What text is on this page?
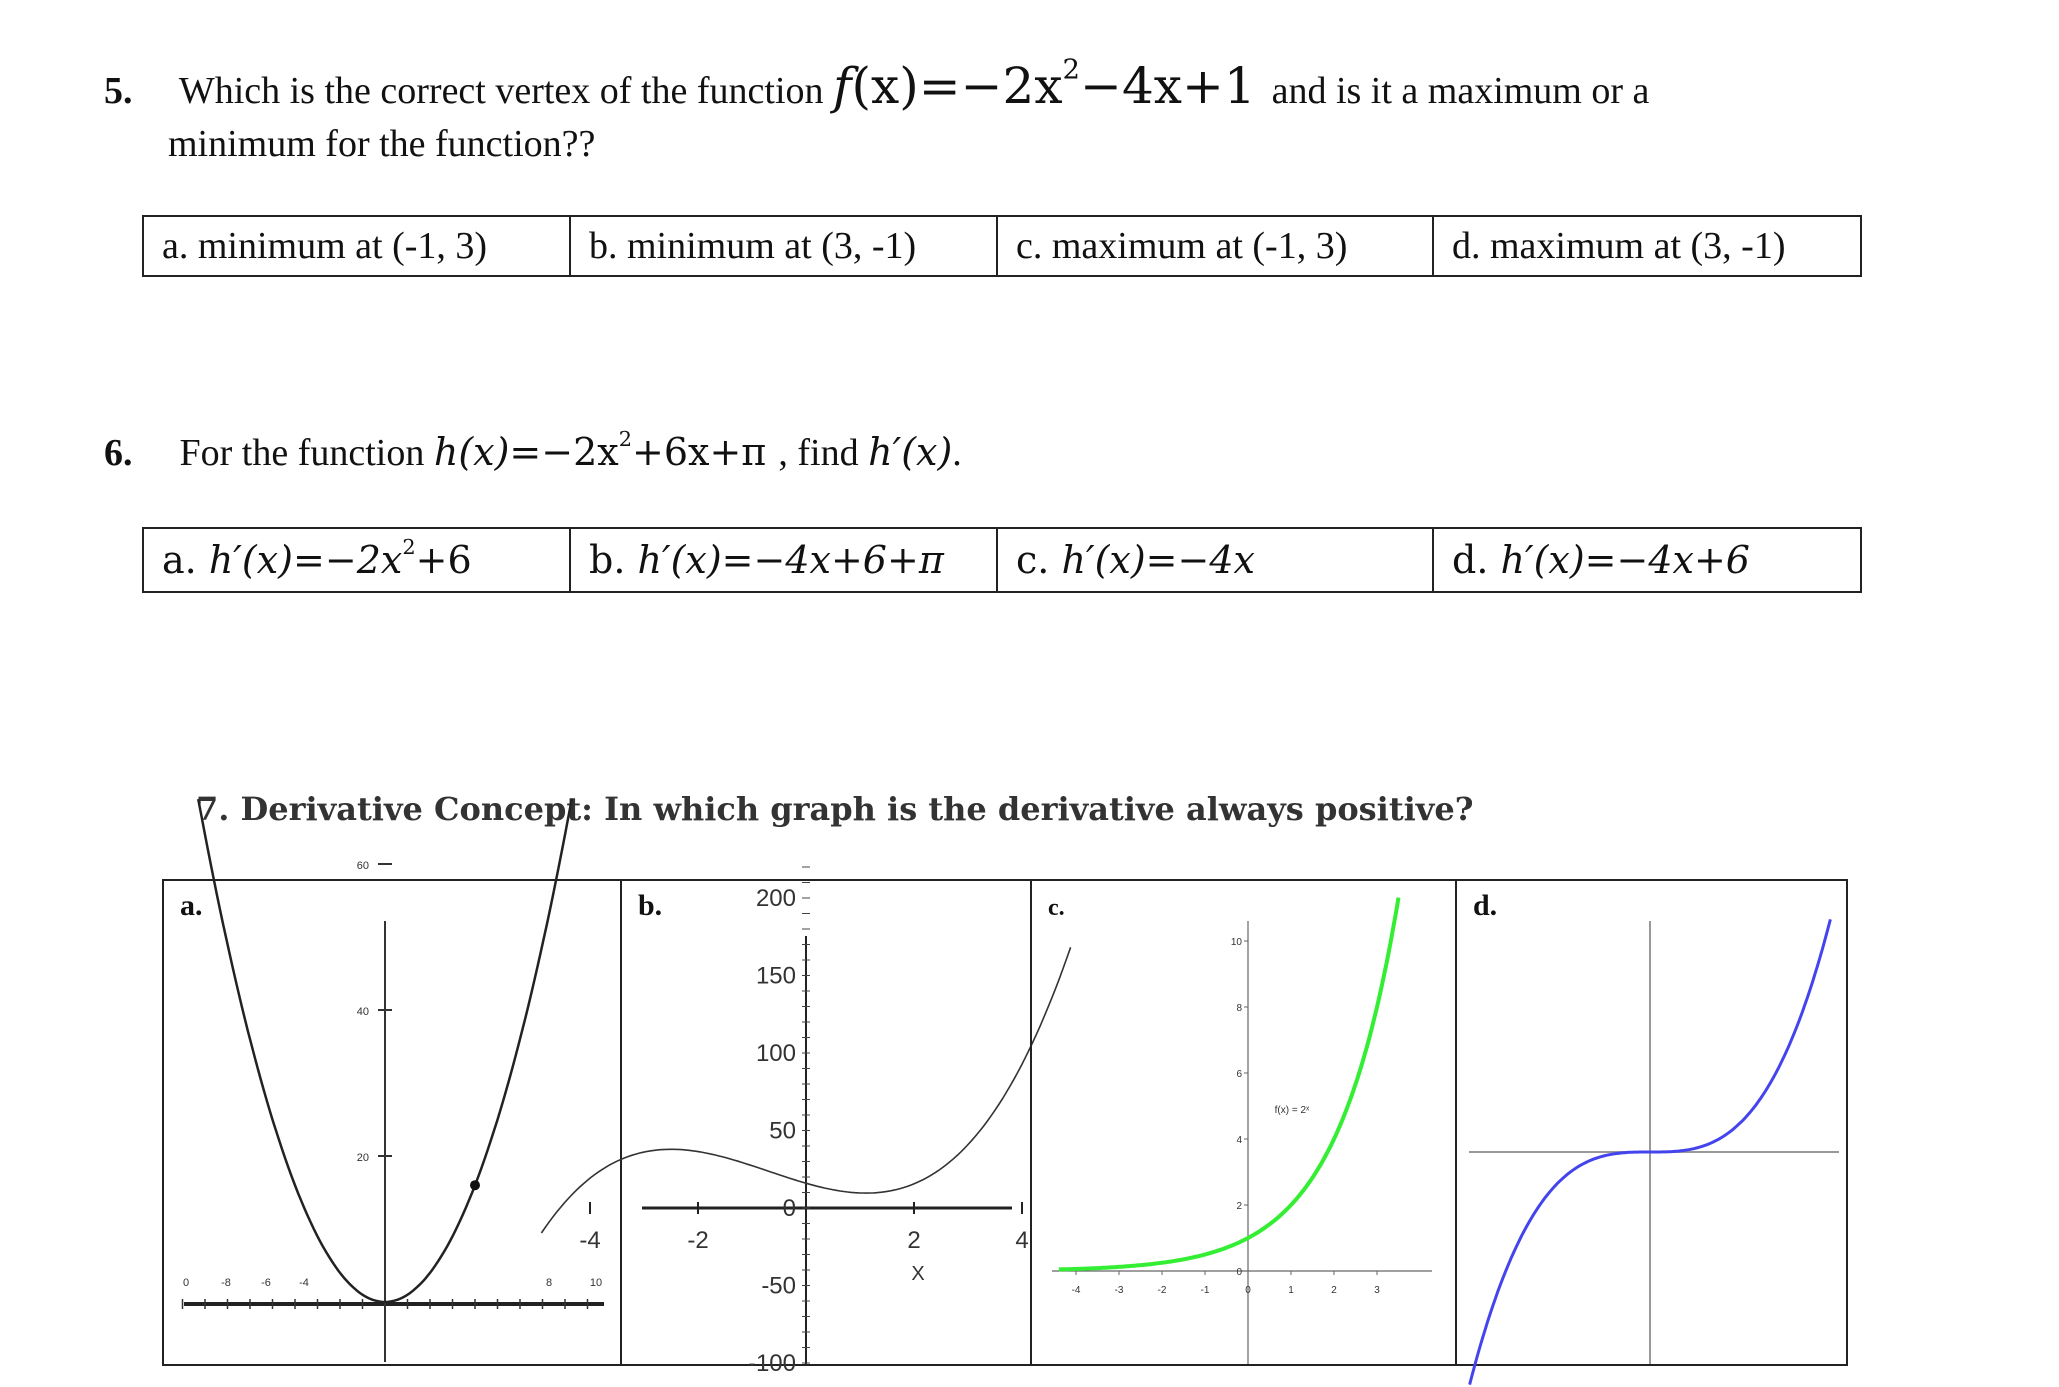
5. Which is the correct vertex of the function $f(x)=-2x^2-4x+1$ and is it a maximum or a
minimum for the function??
a. minimum at (-1, 3)	b. minimum at (3, -1)	c. maximum at (-1, 3)	d. maximum at (3, -1)
6. For the function $h(x)=-2x^2+6x+\pi$ , find h′(x).
a. $h'(x)=-2x^2+6$	b. h′(x)=−4x+6+π	c. h′(x)=−4x	d. h′(x)=−4x+6
7. Derivative Concept: In which graph is the derivative always positive?
a.
20
40
60
0	-8	-6	-4	8	10
b.	200
150
100
50
0
-50
-100
-4	-2	2	4
X
c.
10
8
6
4
2
0
-4	-3	-2	-1	0	1	2	3
f(x) = 2ˣ
d.
